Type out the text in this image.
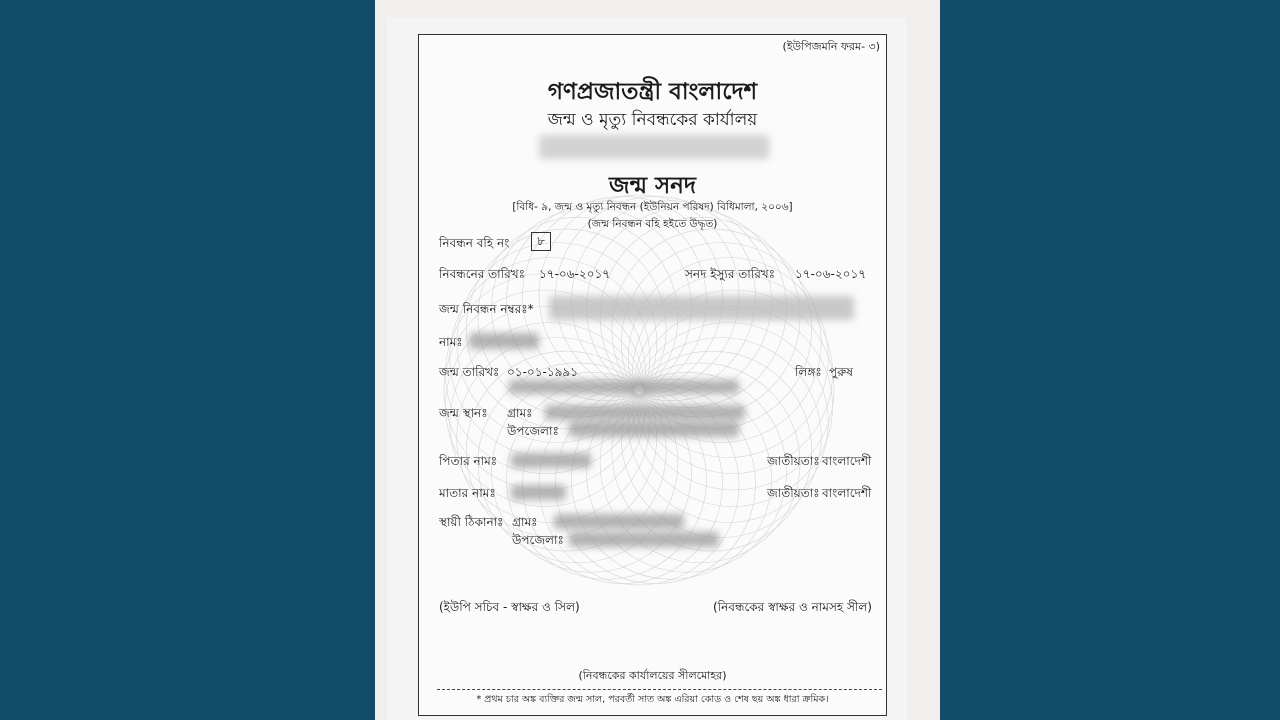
(ইউপিজমনি ফরম- ৩)
গণপ্রজাতন্ত্রী বাংলাদেশ
জন্ম ও মৃত্যু নিবন্ধকের কার্যালয়
জন্ম সনদ
[বিধি- ৯, জন্ম ও মৃত্যু নিবন্ধন (ইউনিয়ন পরিষদ) বিধিমালা, ২০০৬]
(জন্ম নিবন্ধন বহি হইতে উদ্ধৃত)
নিবন্ধন বহি নং	৮
নিবন্ধনের তারিখঃ ১৭-০৬-২০১৭	সনদ ইস্যুর তারিখঃ ১৭-০৬-২০১৭
জন্ম নিবন্ধন নম্বরঃ*
নামঃ
জন্ম তারিখঃ ০১-০১-১৯৯১	লিঙ্গঃ পুরুষ
জন্ম স্থানঃ গ্রামঃ
উপজেলাঃ
পিতার নামঃ	জাতীয়তাঃ বাংলাদেশী
মাতার নামঃ	জাতীয়তাঃ বাংলাদেশী
স্থায়ী ঠিকানাঃ গ্রামঃ
উপজেলাঃ
(ইউপি সচিব - স্বাক্ষর ও সিল)	(নিবন্ধকের স্বাক্ষর ও নামসহ সীল)
(নিবন্ধকের কার্যালয়ের সীলমোহর)
* প্রথম চার অঙ্ক ব্যক্তির জন্ম সাল, পরবর্তী সাত অঙ্ক এরিয়া কোড ও শেষ ছয় অঙ্ক ধারা ক্রমিক।
